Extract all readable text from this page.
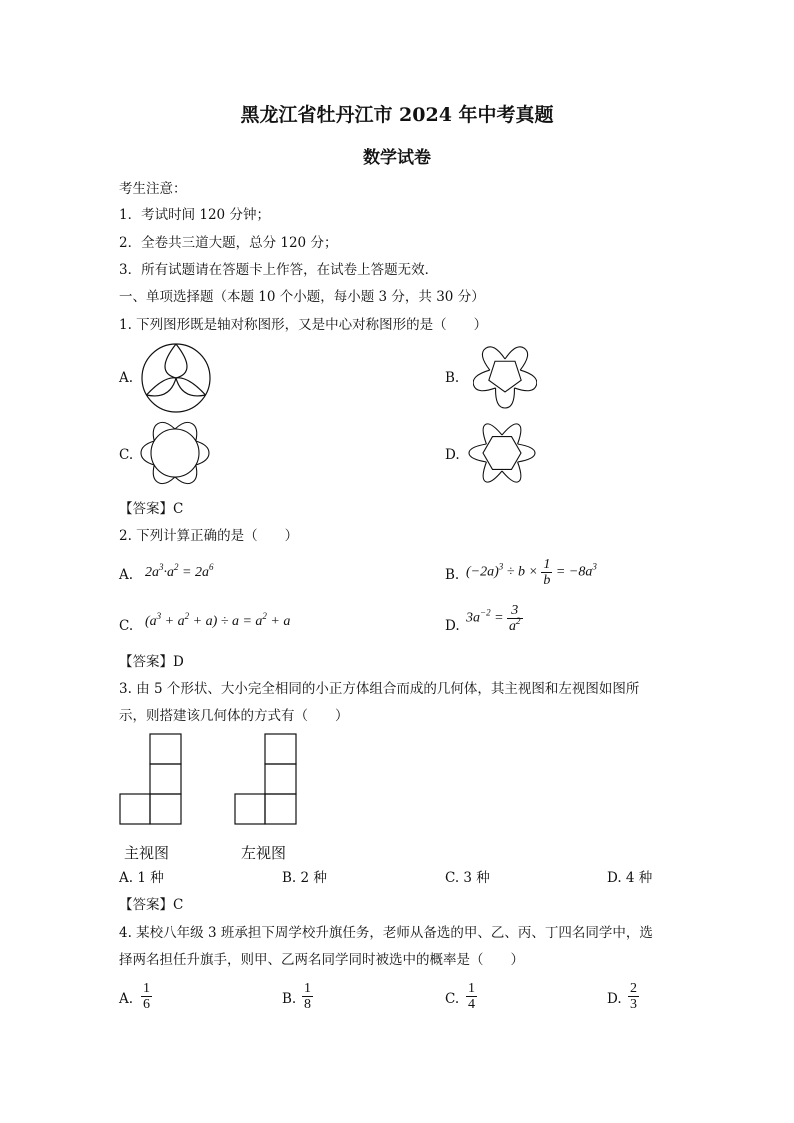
黑龙江省牡丹江市 2024 年中考真题
数学试卷
考生注意：
1．考试时间 120 分钟；
2．全卷共三道大题，总分 120 分；
3．所有试题请在答题卡上作答，在试卷上答题无效．
一、单项选择题（本题 10 个小题，每小题 3 分，共 30 分）
1. 下列图形既是轴对称图形，又是中心对称图形的是（　　）
A.	B.
C.	D.
【答案】C
2. 下列计算正确的是（　　）
A. $2a^3\cdot a^2 = 2a^6$	B. $(-2a)^3 \div b \times \frac{1}{b} = -8a^3$
C. $(a^3 + a^2 + a) \div a = a^2 + a$	D. $3a^{-2} = \frac{3}{a^2}$
【答案】D
3. 由 5 个形状、大小完全相同的小正方体组合而成的几何体，其主视图和左视图如图所
示，则搭建该几何体的方式有（　　）
主视图	左视图
A. 1 种	B. 2 种	C. 3 种	D. 4 种
【答案】C
4. 某校八年级 3 班承担下周学校升旗任务，老师从备选的甲、乙、丙、丁四名同学中，选
择两名担任升旗手，则甲、乙两名同学同时被选中的概率是（　　）
A. $\frac{1}{6}$	B. $\frac{1}{8}$	C. $\frac{1}{4}$	D. $\frac{2}{3}$
